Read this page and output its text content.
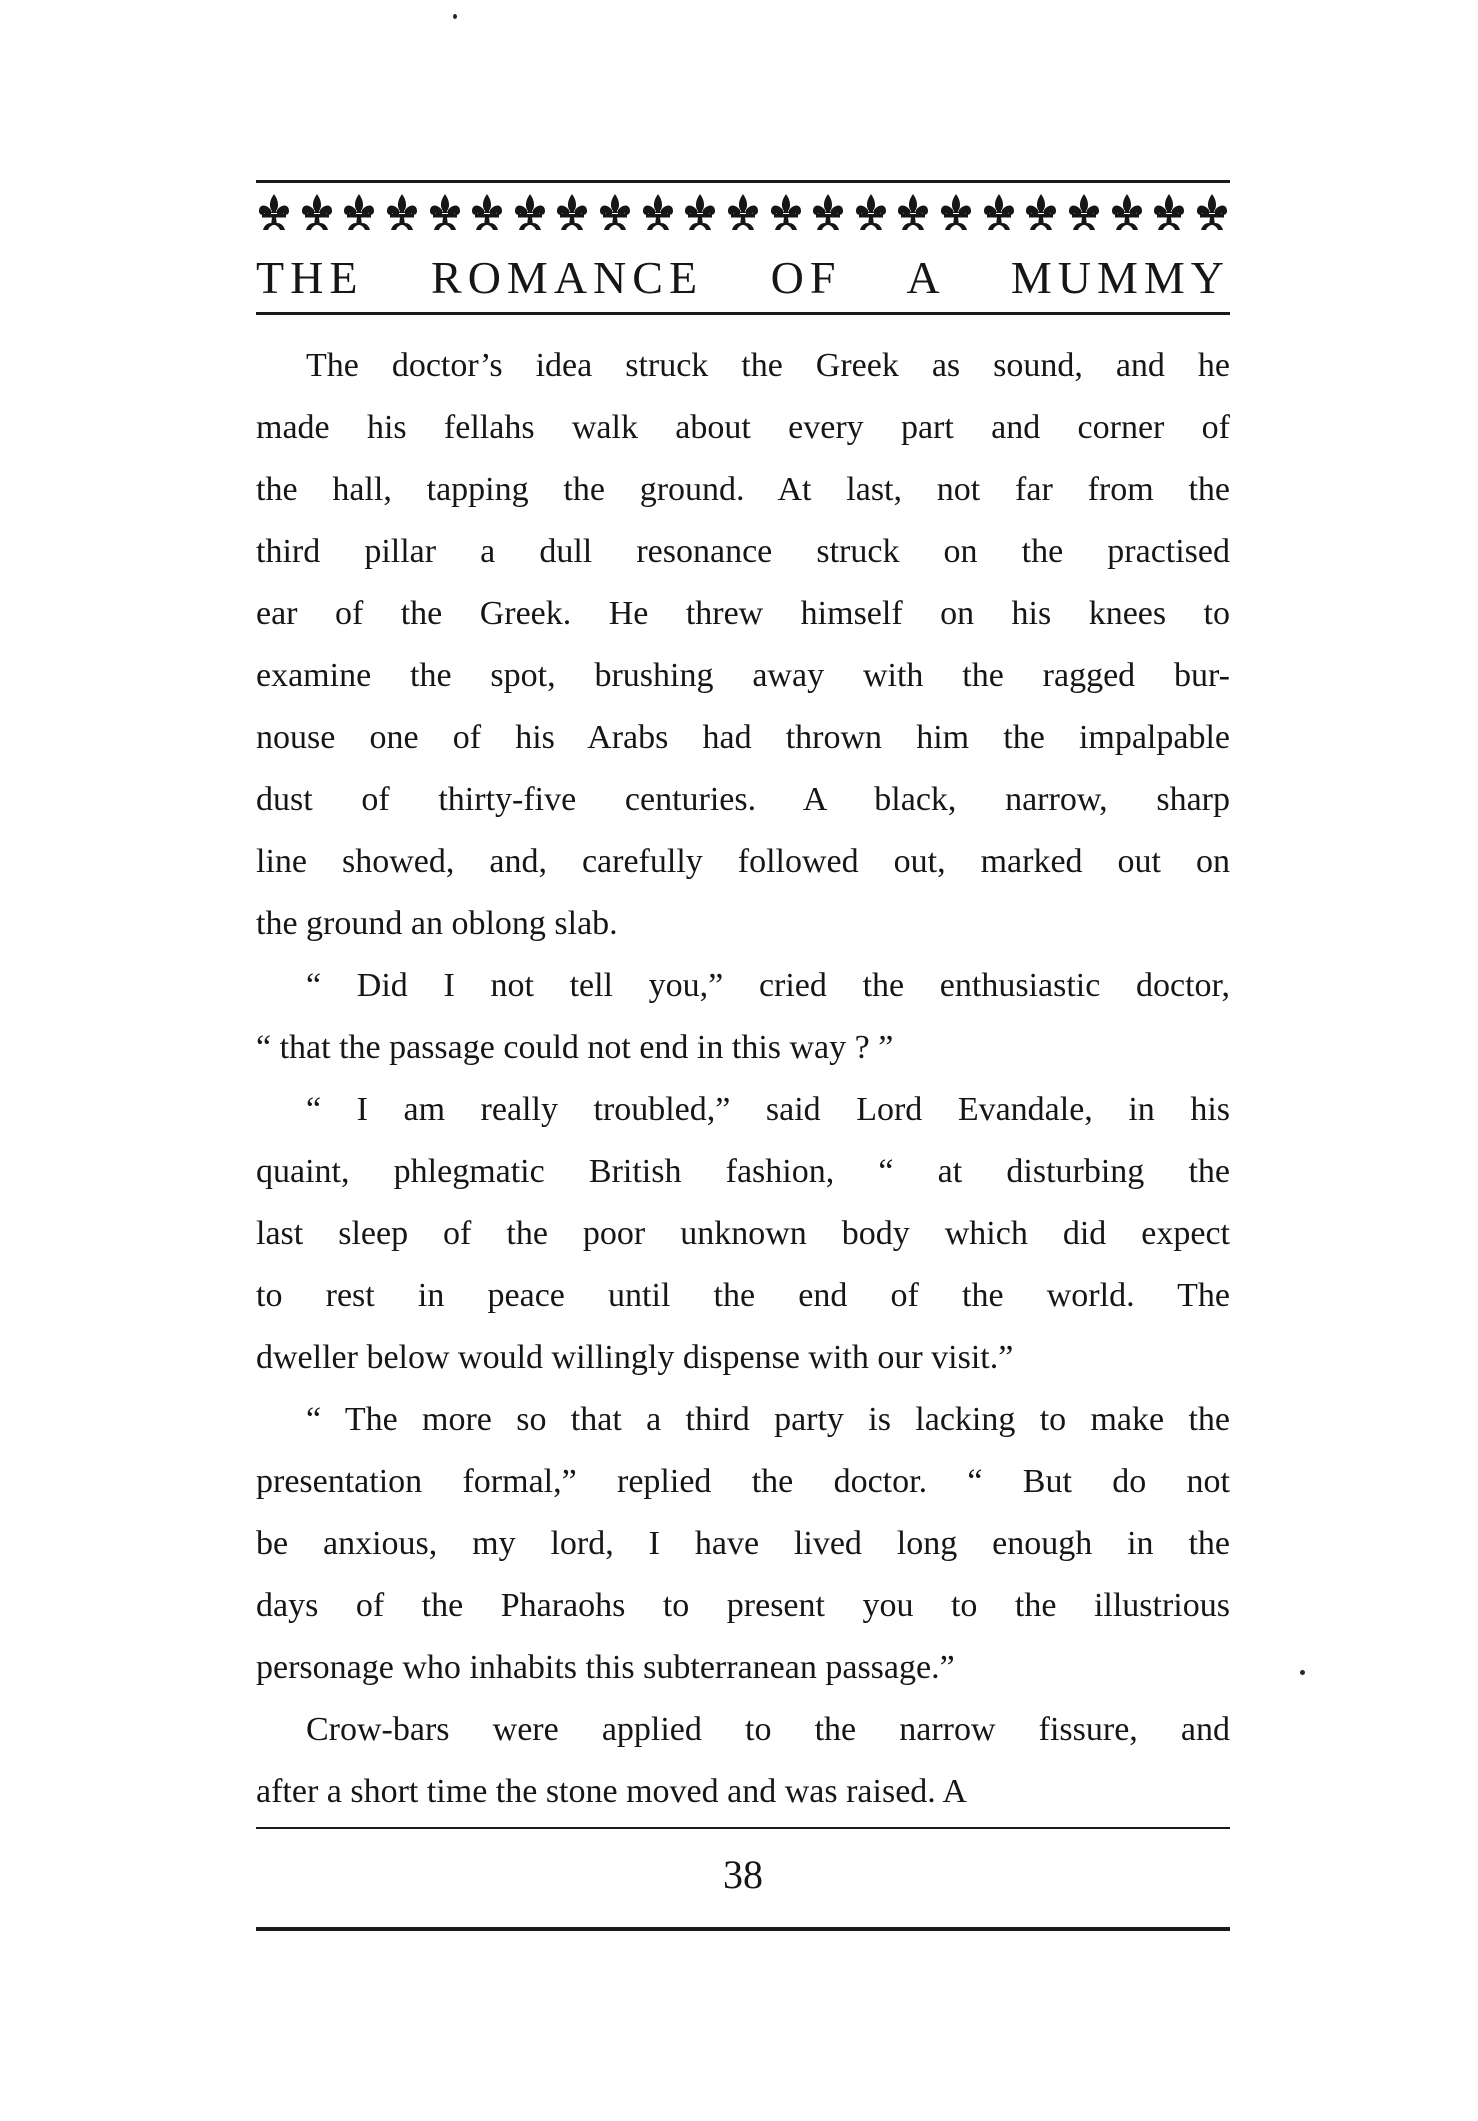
THE ROMANCE OF A MUMMY

The doctor’s idea struck the Greek as sound, and he
made his fellahs walk about every part and corner of
the hall, tapping the ground. At last, not far from the
third pillar a dull resonance struck on the practised
ear of the Greek. He threw himself on his knees to
examine the spot, brushing away with the ragged bur-
nouse one of his Arabs had thrown him the impalpable
dust of thirty-five centuries. A black, narrow, sharp
line showed, and, carefully followed out, marked out on
the ground an oblong slab.

“ Did I not tell you,” cried the enthusiastic doctor,
“ that the passage could not end in this way ? ”

“ I am really troubled,” said Lord Evandale, in his
quaint, phlegmatic British fashion, “ at disturbing the
last sleep of the poor unknown body which did expect
to rest in peace until the end of the world. The
dweller below would willingly dispense with our visit.”

“ The more so that a third party is lacking to make the
presentation formal,” replied the doctor. “ But do not
be anxious, my lord, I have lived long enough in the
days of the Pharaohs to present you to the illustrious
personage who inhabits this subterranean passage.”

Crow-bars were applied to the narrow fissure, and
after a short time the stone moved and was raised. A

38
